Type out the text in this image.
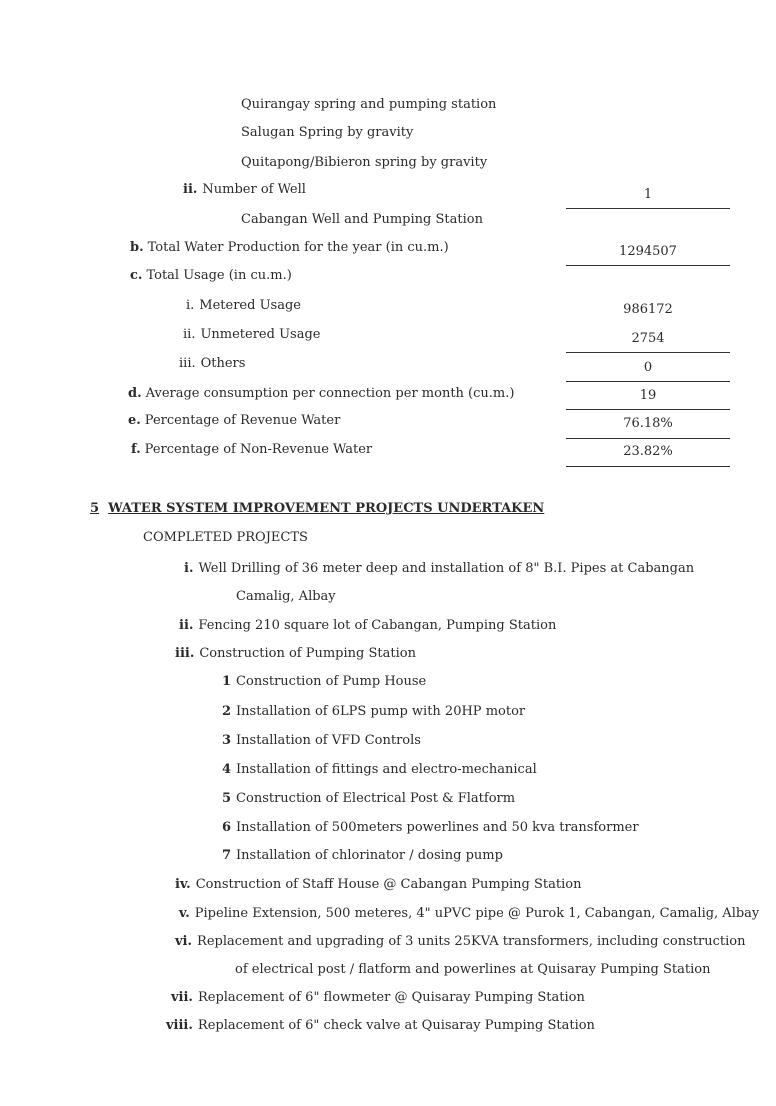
Quirangay spring and pumping station
Salugan Spring by gravity
Quitapong/Bibieron spring by gravity
ii. Number of Well	1
Cabangan Well and Pumping Station
b. Total Water Production for the year (in cu.m.)	1294507
c. Total Usage (in cu.m.)
i. Metered Usage	986172
ii. Unmetered Usage	2754
iii. Others	0
d. Average consumption per connection per month (cu.m.)	19
e. Percentage of Revenue Water	76.18%
f. Percentage of Non-Revenue Water	23.82%
5 WATER SYSTEM IMPROVEMENT PROJECTS UNDERTAKEN
COMPLETED PROJECTS
i. Well Drilling of 36 meter deep and installation of 8" B.I. Pipes at Cabangan
Camalig, Albay
ii. Fencing 210 square lot of Cabangan, Pumping Station
iii. Construction of Pumping Station
1 Construction of Pump House
2 Installation of 6LPS pump with 20HP motor
3 Installation of VFD Controls
4 Installation of fittings and electro-mechanical
5 Construction of Electrical Post & Flatform
6 Installation of 500meters powerlines and 50 kva transformer
7 Installation of chlorinator / dosing pump
iv. Construction of Staff House @ Cabangan Pumping Station
v. Pipeline Extension, 500 meteres, 4" uPVC pipe @ Purok 1, Cabangan, Camalig, Albay
vi. Replacement and upgrading of 3 units 25KVA transformers, including construction
of electrical post / flatform and powerlines at Quisaray Pumping Station
vii. Replacement of 6" flowmeter @ Quisaray Pumping Station
viii. Replacement of 6" check valve at Quisaray Pumping Station
